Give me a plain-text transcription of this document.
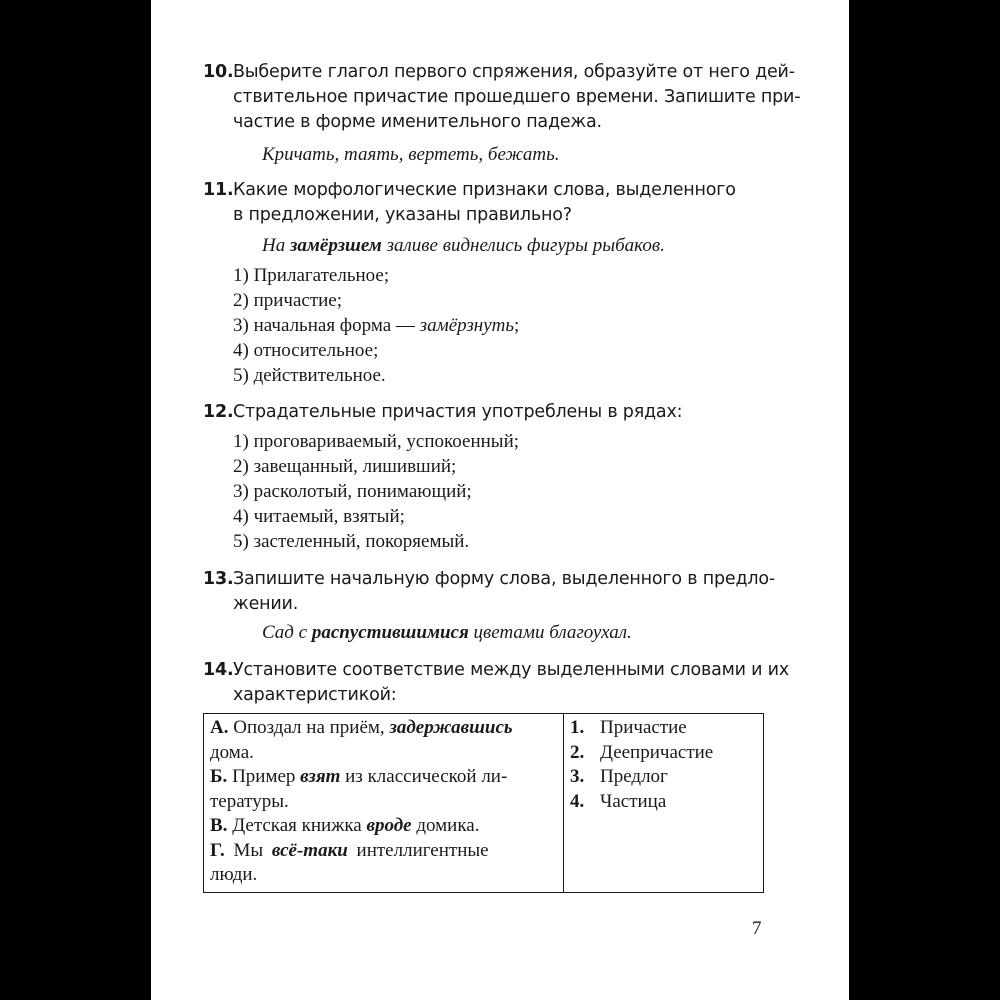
10.Выберите глагол первого спряжения, образуйте от него дей-
ствительное причастие прошедшего времени. Запишите при-
частие в форме именительного падежа.
Кричать, таять, вертеть, бежать.
11.Какие морфологические признаки слова, выделенного
в предложении, указаны правильно?
На замёрзшем заливе виднелись фигуры рыбаков.
1) Прилагательное;
2) причастие;
3) начальная форма — замёрзнуть;
4) относительное;
5) действительное.
12.Страдательные причастия употреблены в рядах:
1) проговариваемый, успокоенный;
2) завещанный, лишивший;
3) расколотый, понимающий;
4) читаемый, взятый;
5) застеленный, покоряемый.
13.Запишите начальную форму слова, выделенного в предло-
жении.
Сад с распустившимися цветами благоухал.
14.Установите соответствие между выделенными словами и их
характеристикой:
А. Опоздал на приём, задержавшись
дома.
Б. Пример взят из классической ли-
тературы.
В. Детская книжка вроде домика.
Г. Мы всё-таки интеллигентные
люди.

1. Причастие
2. Деепричастие
3. Предлог
4. Частица
7
